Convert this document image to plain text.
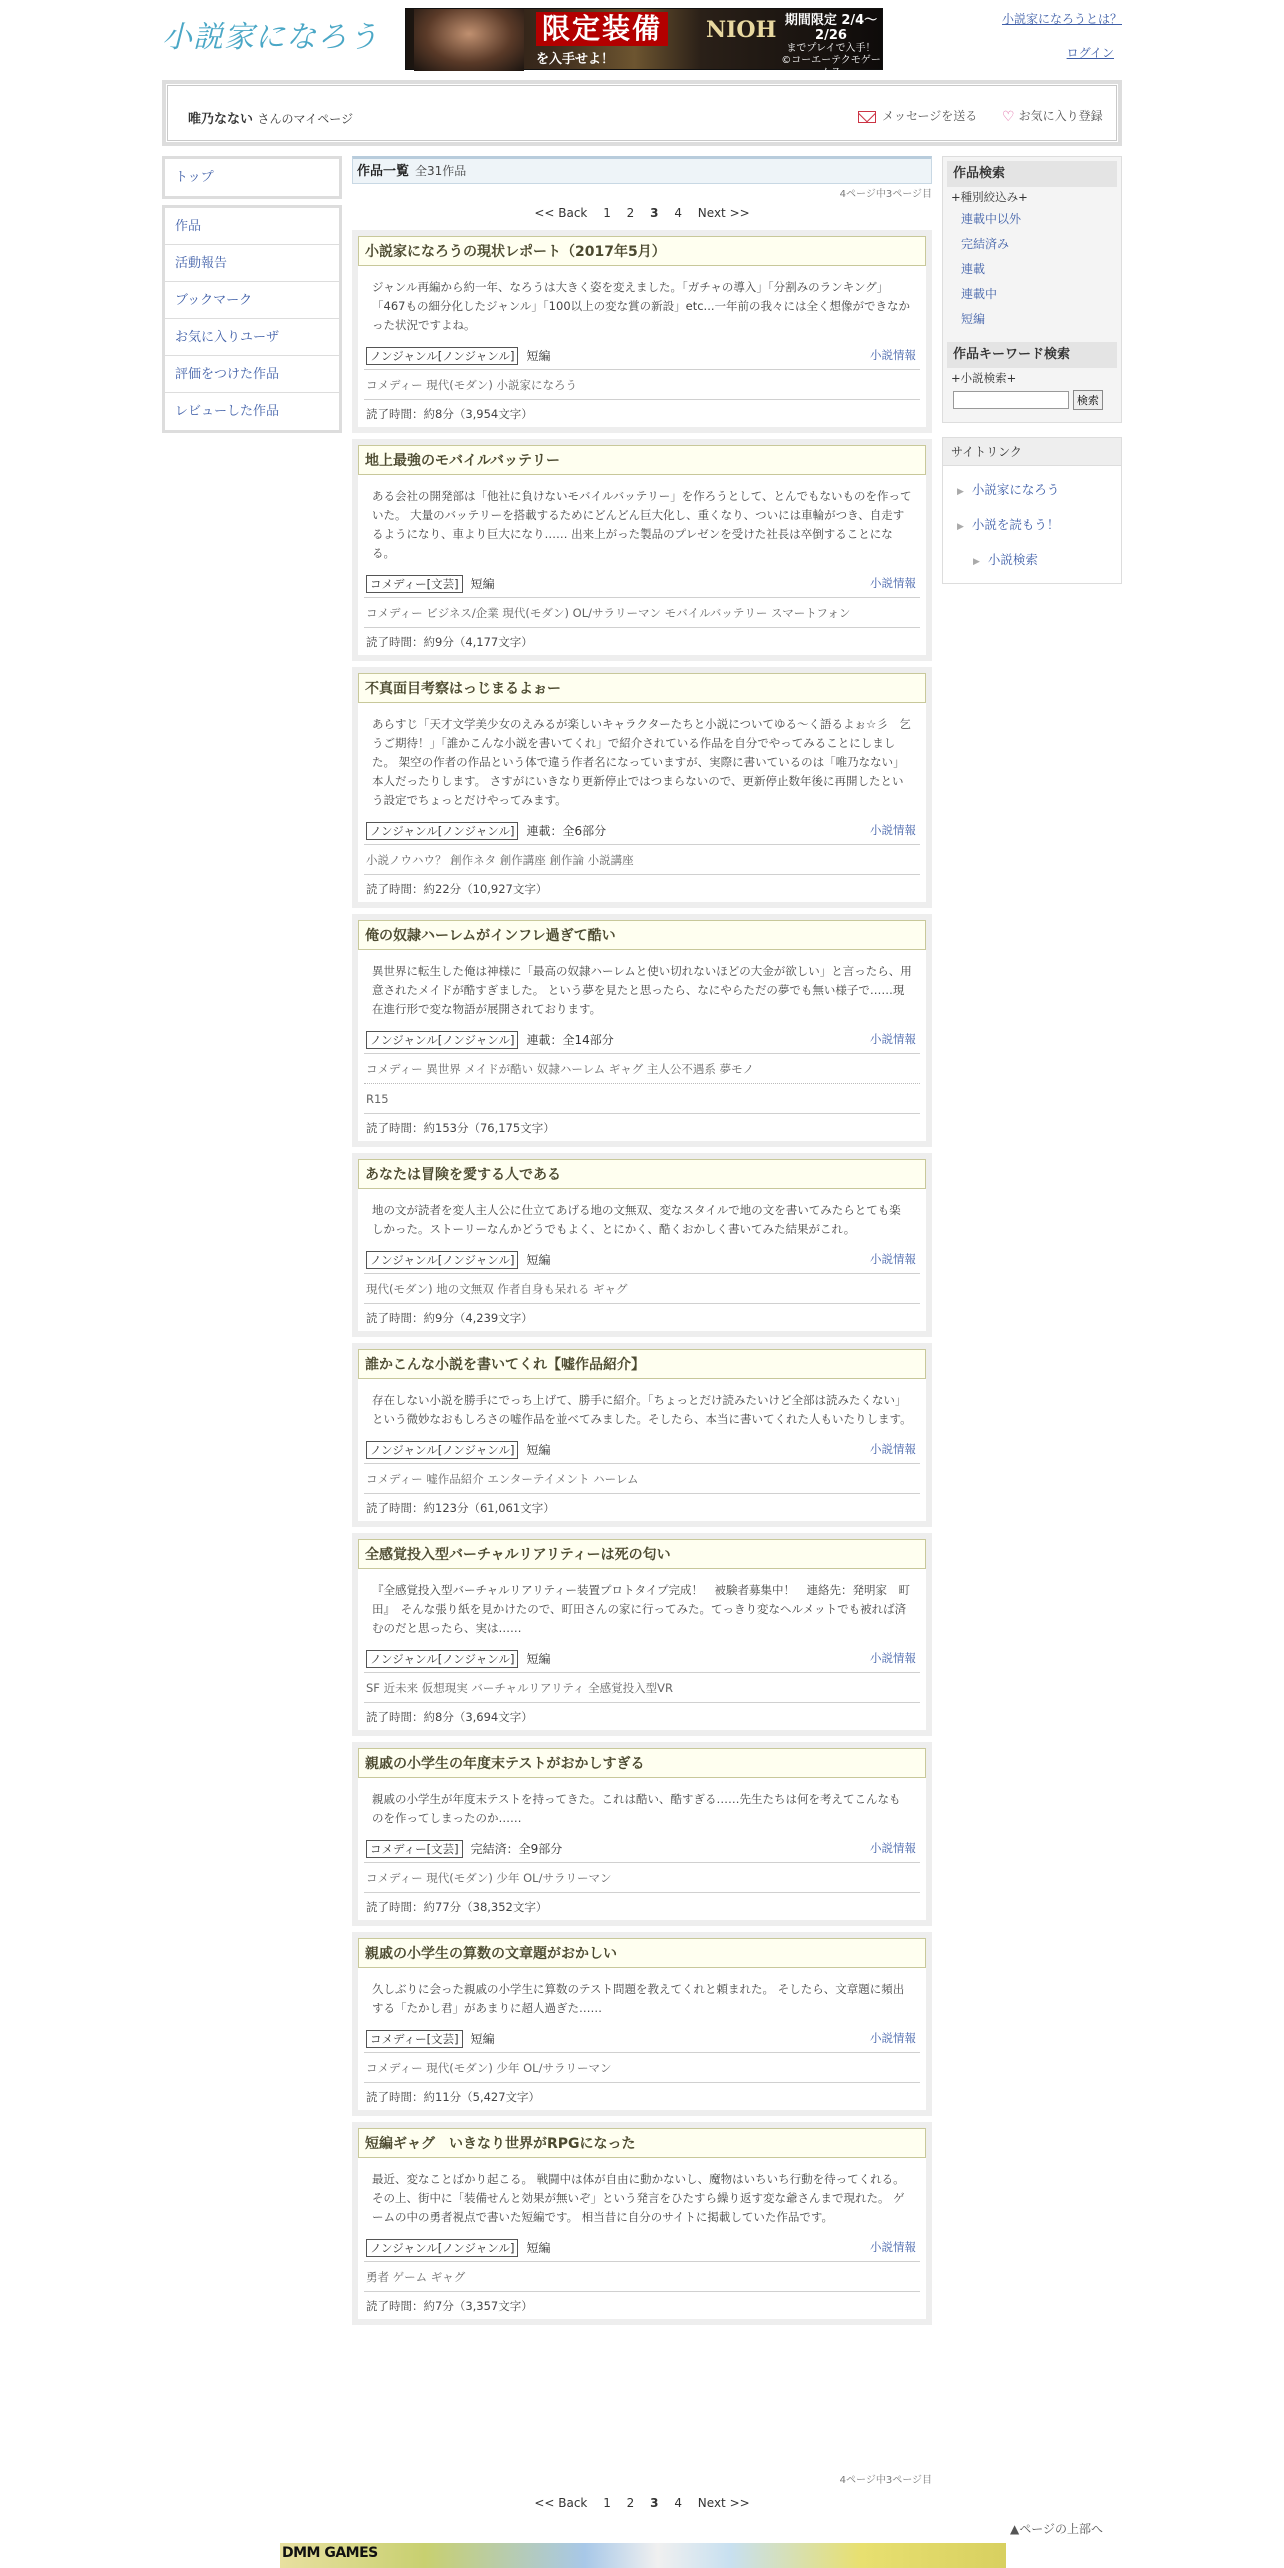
小説家になろう	限定装備
を入手せよ！
NIOH 期間限定 2/4～2/26
までプレイで入手！ ©コーエーテクモゲームス
小説家になろうとは？
ログイン
唯乃なない さんのマイページ	メッセージを送る ♡ お気に入り登録
トップ
作品
活動報告
ブックマーク
お気に入りユーザ
評価をつけた作品
レビューした作品
作品一覧 全31作品
4ページ中3ページ目
<< Back 1 2 3 4 Next >>
小説家になろうの現状レポート（2017年5月）
ジャンル再編から約一年、なろうは大きく姿を変えました。「ガチャの導入」「分割みのランキング」「467もの細分化したジャンル」「100以上の変な賞の新設」etc...一年前の我々には全く想像ができなかった状況ですよね。
ノンジャンル[ノンジャンル] 短編	小説情報
コメディー 現代(モダン) 小説家になろう
読了時間：約8分（3,954文字）
地上最強のモバイルバッテリー
ある会社の開発部は「他社に負けないモバイルバッテリー」を作ろうとして、とんでもないものを作っていた。 大量のバッテリーを搭載するためにどんどん巨大化し、重くなり、ついには車輪がつき、自走するようになり、車より巨大になり…… 出来上がった製品のプレゼンを受けた社長は卒倒することになる。
コメディー[文芸] 短編	小説情報
コメディー ビジネス/企業 現代(モダン) OL/サラリーマン モバイルバッテリー スマートフォン
読了時間：約9分（4,177文字）
不真面目考察はっじまるよぉー
あらすじ「天才文学美少女のえみるが楽しいキャラクターたちと小説についてゆる～く語るよぉ☆彡　乞うご期待！」「誰かこんな小説を書いてくれ」で紹介されている作品を自分でやってみることにしました。 架空の作者の作品という体で違う作者名になっていますが、実際に書いているのは「唯乃なない」本人だったりします。 さすがにいきなり更新停止ではつまらないので、更新停止数年後に再開したという設定でちょっとだけやってみます。
ノンジャンル[ノンジャンル] 連載：全6部分	小説情報
小説ノウハウ？ 創作ネタ 創作講座 創作論 小説講座
読了時間：約22分（10,927文字）
俺の奴隷ハーレムがインフレ過ぎて酷い
異世界に転生した俺は神様に「最高の奴隷ハーレムと使い切れないほどの大金が欲しい」と言ったら、用意されたメイドが酷すぎました。 という夢を見たと思ったら、なにやらただの夢でも無い様子で……現在進行形で変な物語が展開されております。
ノンジャンル[ノンジャンル] 連載：全14部分	小説情報
コメディー 異世界 メイドが酷い 奴隷ハーレム ギャグ 主人公不遇系 夢モノ
R15
読了時間：約153分（76,175文字）
あなたは冒険を愛する人である
地の文が読者を変人主人公に仕立てあげる地の文無双、変なスタイルで地の文を書いてみたらとても楽しかった。ストーリーなんかどうでもよく、とにかく、酷くおかしく書いてみた結果がこれ。
ノンジャンル[ノンジャンル] 短編	小説情報
現代(モダン) 地の文無双 作者自身も呆れる ギャグ
読了時間：約9分（4,239文字）
誰かこんな小説を書いてくれ【嘘作品紹介】
存在しない小説を勝手にでっち上げて、勝手に紹介。「ちょっとだけ読みたいけど全部は読みたくない」という微妙なおもしろさの嘘作品を並べてみました。そしたら、本当に書いてくれた人もいたりします。
ノンジャンル[ノンジャンル] 短編	小説情報
コメディー 嘘作品紹介 エンターテイメント ハーレム
読了時間：約123分（61,061文字）
全感覚投入型バーチャルリアリティーは死の匂い
『全感覚投入型バーチャルリアリティー装置プロトタイプ完成！　被験者募集中！　連絡先：発明家　町田』　そんな張り紙を見かけたので、町田さんの家に行ってみた。てっきり変なヘルメットでも被れば済むのだと思ったら、実は……
ノンジャンル[ノンジャンル] 短編	小説情報
SF 近未来 仮想現実 バーチャルリアリティ 全感覚投入型VR
読了時間：約8分（3,694文字）
親戚の小学生の年度末テストがおかしすぎる
親戚の小学生が年度末テストを持ってきた。これは酷い、酷すぎる……先生たちは何を考えてこんなものを作ってしまったのか……
コメディー[文芸] 完結済：全9部分	小説情報
コメディー 現代(モダン) 少年 OL/サラリーマン
読了時間：約77分（38,352文字）
親戚の小学生の算数の文章題がおかしい
久しぶりに会った親戚の小学生に算数のテスト問題を教えてくれと頼まれた。 そしたら、文章題に頻出する「たかし君」があまりに超人過ぎた……
コメディー[文芸] 短編	小説情報
コメディー 現代(モダン) 少年 OL/サラリーマン
読了時間：約11分（5,427文字）
短編ギャグ　いきなり世界がRPGになった
最近、変なことばかり起こる。 戦闘中は体が自由に動かないし、魔物はいちいち行動を待ってくれる。 その上、街中に「装備せんと効果が無いぞ」という発言をひたすら繰り返す変な爺さんまで現れた。 ゲームの中の勇者視点で書いた短編です。 相当昔に自分のサイトに掲載していた作品です。
ノンジャンル[ノンジャンル] 短編	小説情報
勇者 ゲーム ギャグ
読了時間：約7分（3,357文字）
作品検索
+種別絞込み+
連載中以外
完結済み
連載
連載中
短編
作品キーワード検索
+小説検索+
検索
サイトリンク
▶ 小説家になろう
▶ 小説を読もう！
▶ 小説検索
4ページ中3ページ目
<< Back 1 2 3 4 Next >>
▲ページの上部へ
DMM GAMES
